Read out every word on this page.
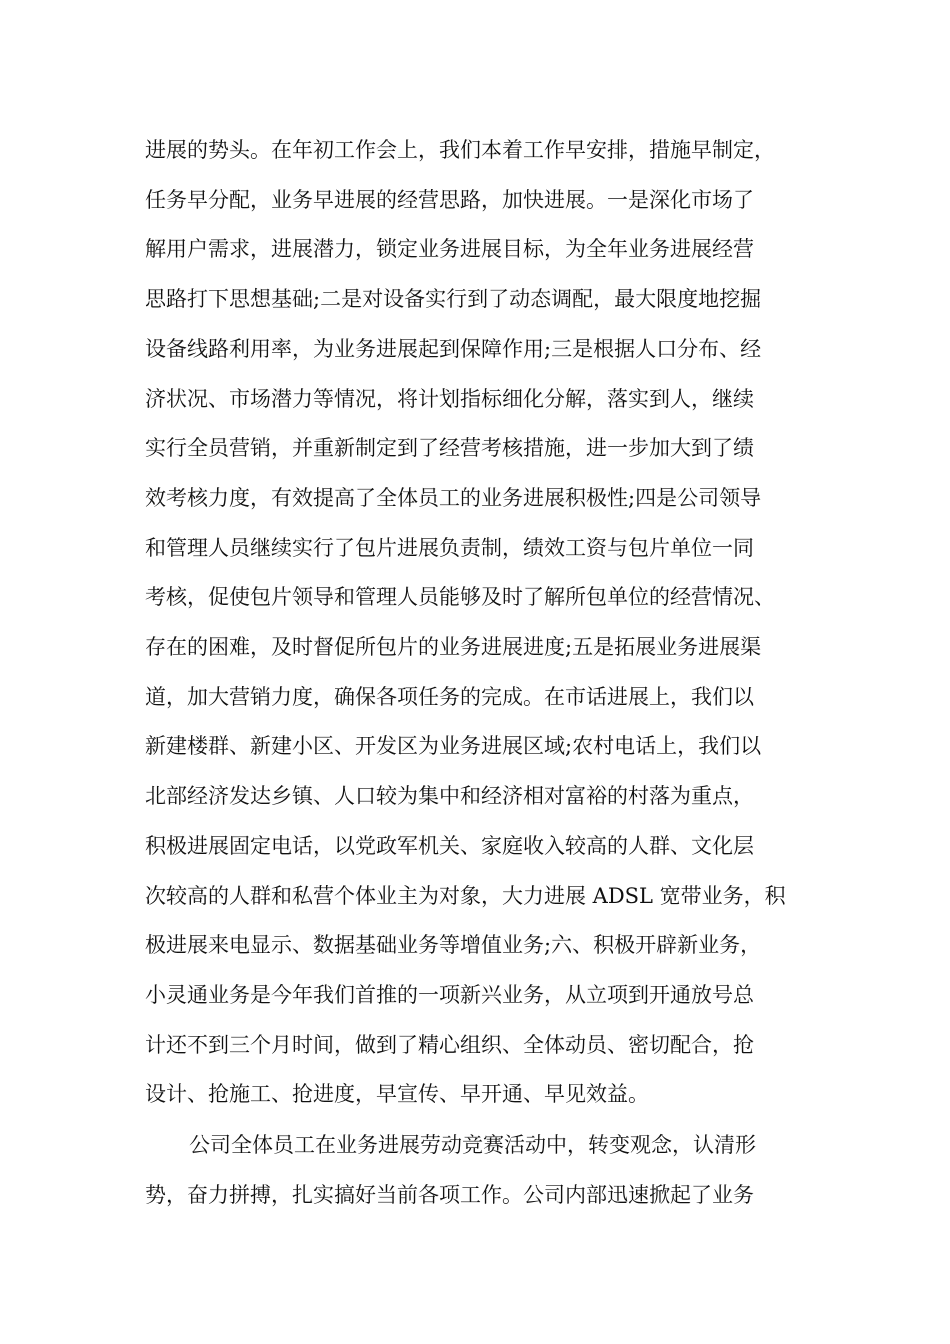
进展的势头。在年初工作会上，我们本着工作早安排，措施早制定，
任务早分配，业务早进展的经营思路，加快进展。一是深化市场了
解用户需求，进展潜力，锁定业务进展目标，为全年业务进展经营
思路打下思想基础;二是对设备实行到了动态调配，最大限度地挖掘
设备线路利用率，为业务进展起到保障作用;三是根据人口分布、经
济状况、市场潜力等情况，将计划指标细化分解，落实到人，继续
实行全员营销，并重新制定到了经营考核措施，进一步加大到了绩
效考核力度，有效提高了全体员工的业务进展积极性;四是公司领导
和管理人员继续实行了包片进展负责制，绩效工资与包片单位一同
考核，促使包片领导和管理人员能够及时了解所包单位的经营情况、
存在的困难，及时督促所包片的业务进展进度;五是拓展业务进展渠
道，加大营销力度，确保各项任务的完成。在市话进展上，我们以
新建楼群、新建小区、开发区为业务进展区域;农村电话上，我们以
北部经济发达乡镇、人口较为集中和经济相对富裕的村落为重点，
积极进展固定电话，以党政军机关、家庭收入较高的人群、文化层
次较高的人群和私营个体业主为对象，大力进展 ADSL 宽带业务，积
极进展来电显示、数据基础业务等增值业务;六、积极开辟新业务，
小灵通业务是今年我们首推的一项新兴业务，从立项到开通放号总
计还不到三个月时间，做到了精心组织、全体动员、密切配合，抢
设计、抢施工、抢进度，早宣传、早开通、早见效益。
公司全体员工在业务进展劳动竞赛活动中，转变观念，认清形
势，奋力拼搏，扎实搞好当前各项工作。公司内部迅速掀起了业务
